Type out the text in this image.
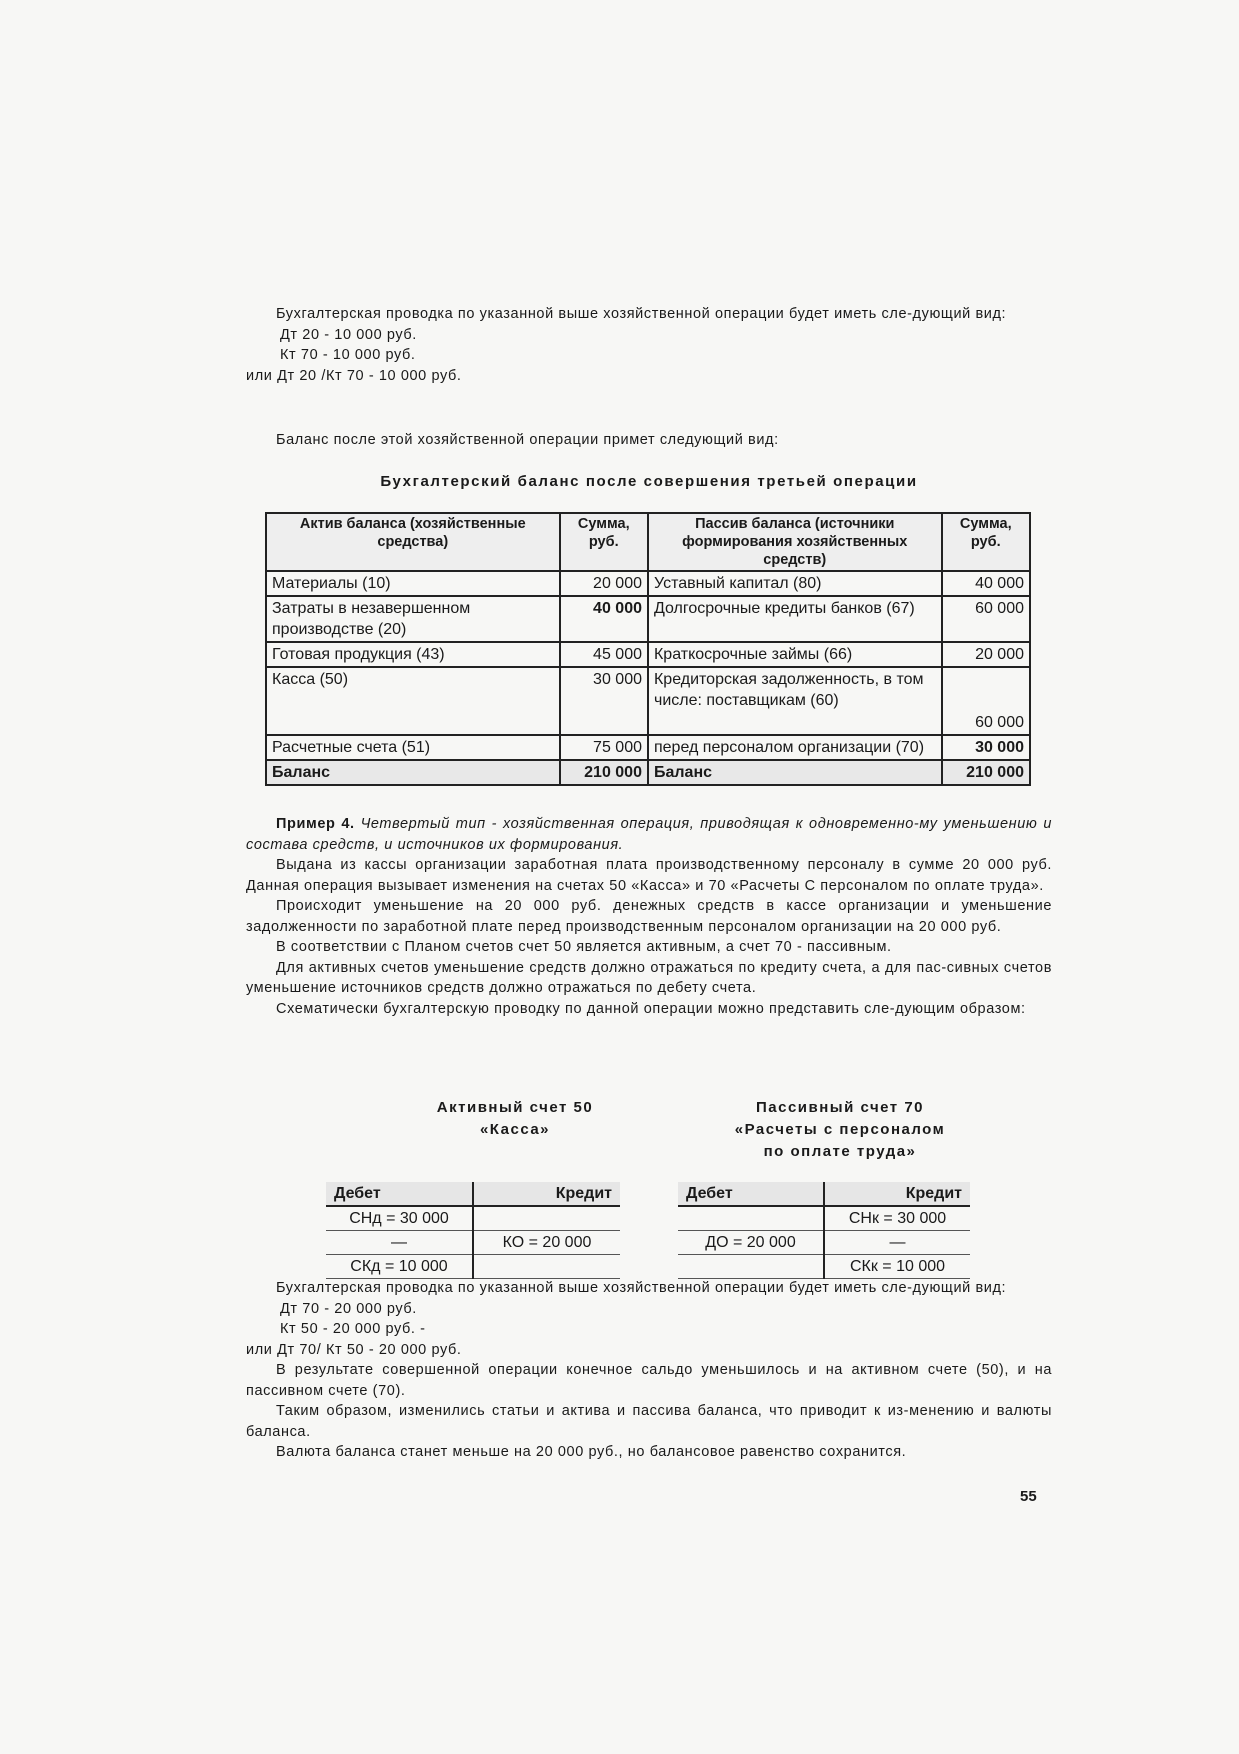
Бухгалтерская проводка по указанной выше хозяйственной операции будет иметь сле-дующий вид:

Дт 20 - 10 000 руб.

Кт 70 - 10 000 руб.

или Дт 20 /Кт 70 - 10 000 руб.

Баланс после этой хозяйственной операции примет следующий вид:

Бухгалтерский баланс после совершения третьей операции
Актив баланса (хозяйственные средства)	Сумма, руб.	Пассив баланса (источники формирования хозяйственных средств)	Сумма, руб.
Материалы (10)	20 000	Уставный капитал (80)	40 000
Затраты в незавершенном производстве (20)	40 000	Долгосрочные кредиты банков (67)	60 000
Готовая продукция (43)	45 000	Краткосрочные займы (66)	20 000
Касса (50)	30 000	Кредиторская задолженность, в том числе: поставщикам (60)	60 000
Расчетные счета (51)	75 000	перед персоналом организации (70)	30 000
Баланс	210 000	Баланс	210 000

Пример 4. Четвертый тип - хозяйственная операция, приводящая к одновременно-му уменьшению и состава средств, и источников их формирования.

Выдана из кассы организации заработная плата производственному персоналу в сумме 20 000 руб. Данная операция вызывает изменения на счетах 50 «Касса» и 70 «Расчеты С персоналом по оплате труда».

Происходит уменьшение на 20 000 руб. денежных средств в кассе организации и уменьшение задолженности по заработной плате перед производственным персоналом организации на 20 000 руб.

В соответствии с Планом счетов счет 50 является активным, а счет 70 - пассивным.

Для активных счетов уменьшение средств должно отражаться по кредиту счета, а для пас-сивных счетов уменьшение источников средств должно отражаться по дебету счета.

Схематически бухгалтерскую проводку по данной операции можно представить сле-дующим образом:

Активный счет 50
«Касса»
Пассивный счет 70
«Расчеты с персоналом
по оплате труда»
Дебет	Кредит
СНд = 30 000	
—	КО = 20 000
СКд = 10 000	
Дебет	Кредит
	СНк = 30 000
ДО = 20 000	—
	СКк = 10 000

Бухгалтерская проводка по указанной выше хозяйственной операции будет иметь сле-дующий вид:

Дт 70 - 20 000 руб.

Кт 50 - 20 000 руб. -

или Дт 70/ Кт 50 - 20 000 руб.

В результате совершенной операции конечное сальдо уменьшилось и на активном счете (50), и на пассивном счете (70).

Таким образом, изменились статьи и актива и пассива баланса, что приводит к из-менению и валюты баланса.

Валюта баланса станет меньше на 20 000 руб., но балансовое равенство сохранится.

55
